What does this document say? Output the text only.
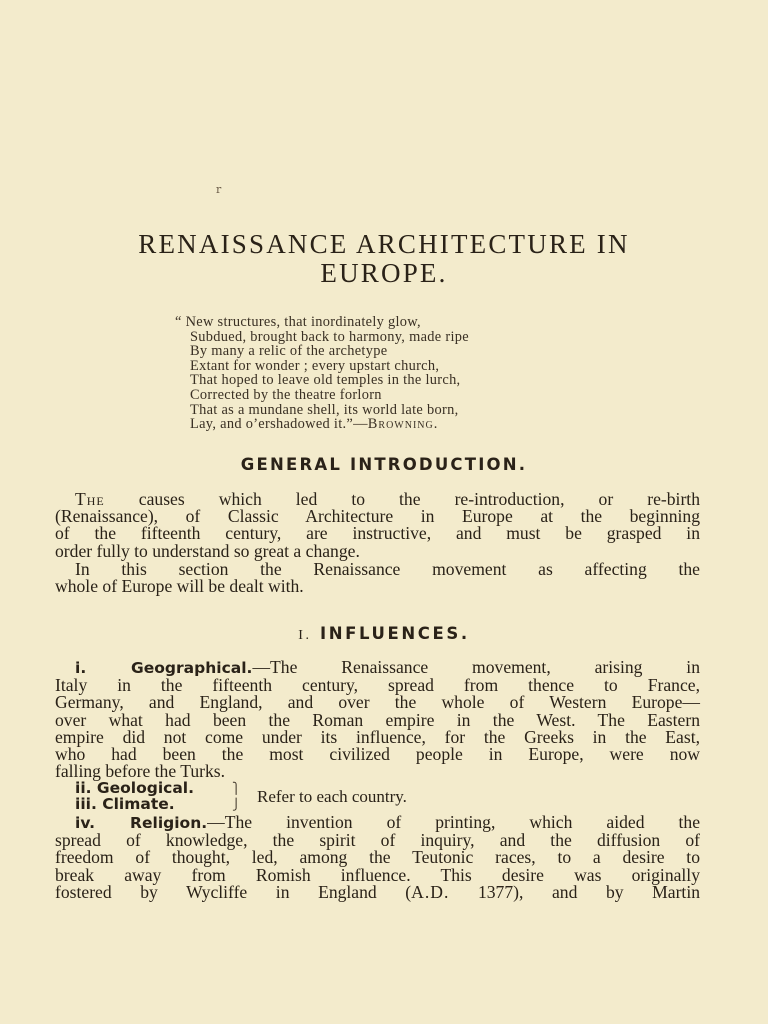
r
RENAISSANCE ARCHITECTURE IN
EUROPE.
“ New structures, that inordinately glow,
Subdued, brought back to harmony, made ripe
By many a relic of the archetype
Extant for wonder ; every upstart church,
That hoped to leave old temples in the lurch,
Corrected by the theatre forlorn
That as a mundane shell, its world late born,
Lay, and o’ershadowed it.”—Browning.
GENERAL INTRODUCTION.
The causes which led to the re-introduction, or re-birth
(Renaissance), of Classic Architecture in Europe at the beginning
of the fifteenth century, are instructive, and must be grasped in
order fully to understand so great a change.
In this section the Renaissance movement as affecting the
whole of Europe will be dealt with.
I. INFLUENCES.
i. Geographical.—The Renaissance movement, arising in
Italy in the fifteenth century, spread from thence to France,
Germany, and England, and over the whole of Western Europe—
over what had been the Roman empire in the West. The Eastern
empire did not come under its influence, for the Greeks in the East,
who had been the most civilized people in Europe, were now
falling before the Turks.
ii. Geological.
iii. Climate.
⎫
⎭ Refer to each country.
iv. Religion.—The invention of printing, which aided the
spread of knowledge, the spirit of inquiry, and the diffusion of
freedom of thought, led, among the Teutonic races, to a desire to
break away from Romish influence. This desire was originally
fostered by Wycliffe in England (A.D. 1377), and by Martin
